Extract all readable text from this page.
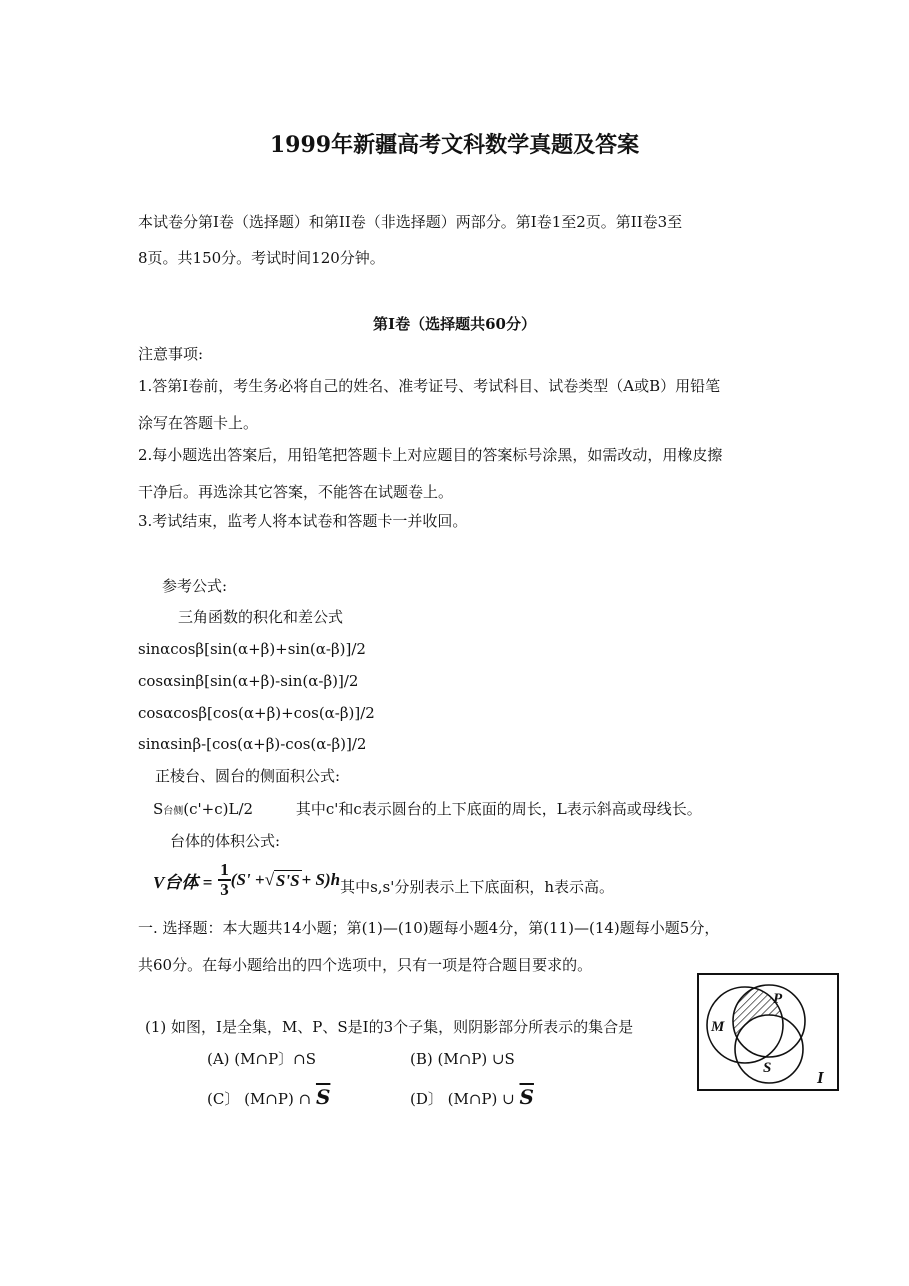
1999年新疆高考文科数学真题及答案
本试卷分第I卷（选择题）和第II卷（非选择题）两部分。第I卷1至2页。第II卷3至
8页。共150分。考试时间120分钟。
第I卷（选择题共60分）
注意事项:
1.答第I卷前，考生务必将自己的姓名、准考证号、考试科目、试卷类型（A或B）用铅笔
涂写在答题卡上。
2.每小题选出答案后，用铅笔把答题卡上对应题目的答案标号涂黑，如需改动，用橡皮擦
干净后。再选涂其它答案，不能答在试题卷上。
3.考试结束，监考人将本试卷和答题卡一并收回。
参考公式:
三角函数的积化和差公式
sinαcosβ[sin(α+β)+sin(α-β)]/2
cosαsinβ[sin(α+β)-sin(α-β)]/2
cosαcosβ[cos(α+β)+cos(α-β)]/2
sinαsinβ-[cos(α+β)-cos(α-β)]/2
正棱台、圆台的侧面积公式:
S台侧(c'+c)L/2	其中c'和c表示圆台的上下底面的周长，L表示斜高或母线长。
台体的体积公式:
V台体 = $\frac{1}{3} (S'$ + √ S'S + S)h 其中s,s'分别表示上下底面积，h表示高。
一. 选择题：本大题共14小题；第(1)—(10)题每小题4分，第(11)—(14)题每小题5分，
共60分。在每小题给出的四个选项中，只有一项是符合题目要求的。
(1) 如图，I是全集，M、P、S是I的3个子集，则阴影部分所表示的集合是
(A) (M∩P〕∩S	(B) (M∩P) ∪S
(C〕 (M∩P) ∩ $\overline{S}$	(D〕 (M∩P) ∪ $\overline{S}$
M
P
S	I
